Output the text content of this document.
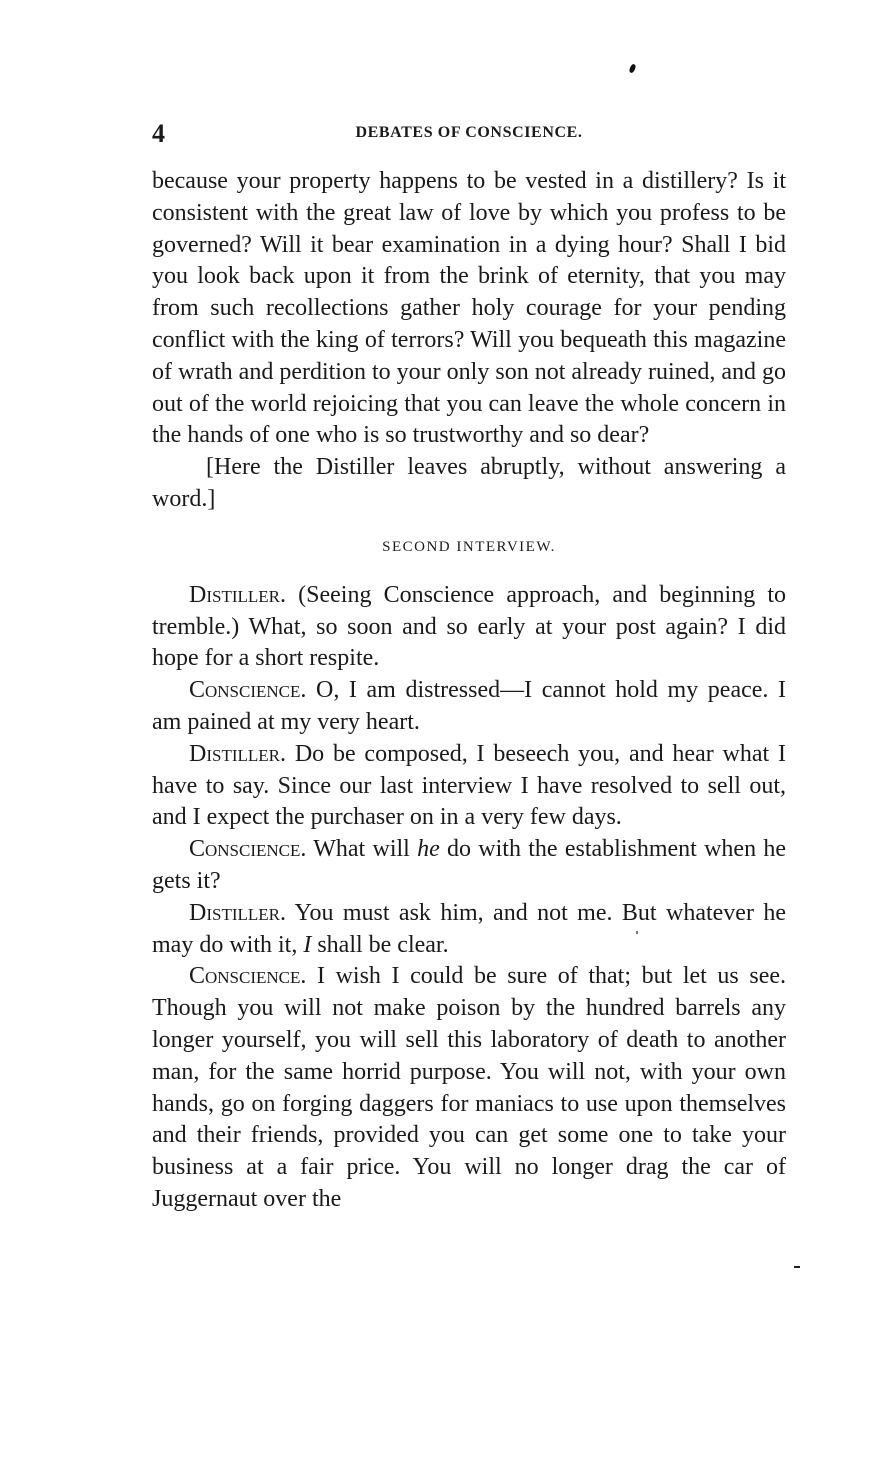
4	DEBATES OF CONSCIENCE.

because your property happens to be vested in a distillery? Is it consistent with the great law of love by which you profess to be governed? Will it bear examination in a dying hour? Shall I bid you look back upon it from the brink of eternity, that you may from such recollections gather holy courage for your pending conflict with the king of terrors? Will you bequeath this magazine of wrath and perdition to your only son not already ruined, and go out of the world rejoicing that you can leave the whole concern in the hands of one who is so trustworthy and so dear?

[Here the Distiller leaves abruptly, without answering a word.]

SECOND INTERVIEW.

Distiller. (Seeing Conscience approach, and beginning to tremble.) What, so soon and so early at your post again? I did hope for a short respite.

Conscience. O, I am distressed—I cannot hold my peace. I am pained at my very heart.

Distiller. Do be composed, I beseech you, and hear what I have to say. Since our last interview I have resolved to sell out, and I expect the purchaser on in a very few days.

Conscience. What will he do with the establishment when he gets it?

Distiller. You must ask him, and not me. But whatever he may do with it, I shall be clear.

Conscience. I wish I could be sure of that; but let us see. Though you will not make poison by the hundred barrels any longer yourself, you will sell this laboratory of death to another man, for the same horrid purpose. You will not, with your own hands, go on forging daggers for maniacs to use upon themselves and their friends, provided you can get some one to take your business at a fair price. You will no longer drag the car of Juggernaut over the
